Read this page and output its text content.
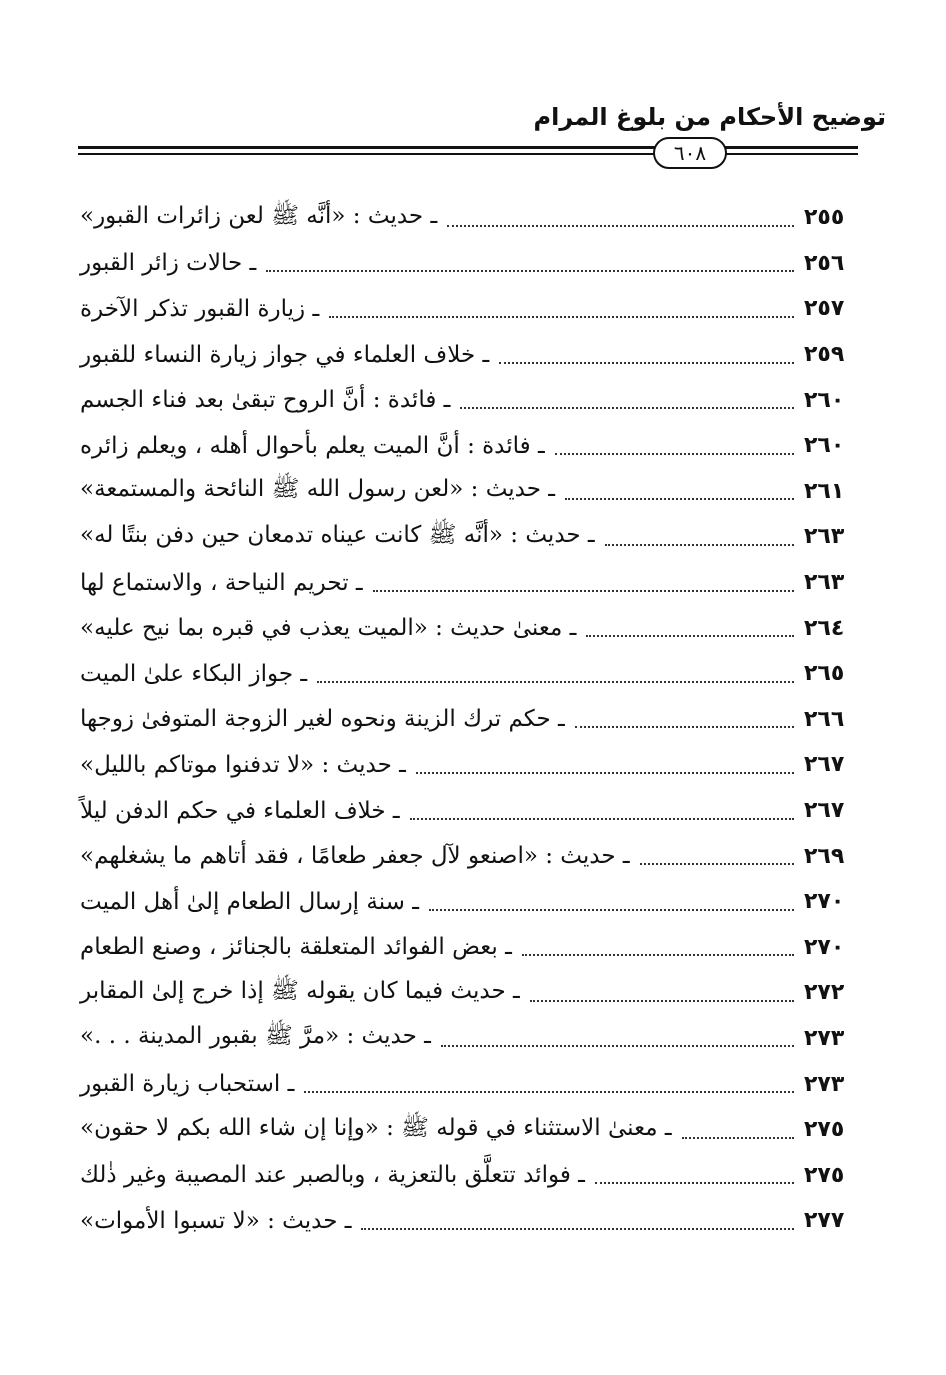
توضيح الأحكام من بلوغ المرام
٦٠٨
ـ حديث : «أنَّه ﷺ لعن زائرات القبور»	٢٥٥
ـ حالات زائر القبور	٢٥٦
ـ زيارة القبور تذكر الآخرة	٢٥٧
ـ خلاف العلماء في جواز زيارة النساء للقبور	٢٥٩
ـ فائدة : أنَّ الروح تبقىٰ بعد فناء الجسم	٢٦٠
ـ فائدة : أنَّ الميت يعلم بأحوال أهله ، ويعلم زائره	٢٦٠
ـ حديث : «لعن رسول الله ﷺ النائحة والمستمعة»	٢٦١
ـ حديث : «أنَّه ﷺ كانت عيناه تدمعان حين دفن بنتًا له»	٢٦٣
ـ تحريم النياحة ، والاستماع لها	٢٦٣
ـ معنىٰ حديث : «الميت يعذب في قبره بما نيح عليه»	٢٦٤
ـ جواز البكاء علىٰ الميت	٢٦٥
ـ حكم ترك الزينة ونحوه لغير الزوجة المتوفىٰ زوجها	٢٦٦
ـ حديث : «لا تدفنوا موتاكم بالليل»	٢٦٧
ـ خلاف العلماء في حكم الدفن ليلاً	٢٦٧
ـ حديث : «اصنعو لآل جعفر طعامًا ، فقد أتاهم ما يشغلهم»	٢٦٩
ـ سنة إرسال الطعام إلىٰ أهل الميت	٢٧٠
ـ بعض الفوائد المتعلقة بالجنائز ، وصنع الطعام	٢٧٠
ـ حديث فيما كان يقوله ﷺ إذا خرج إلىٰ المقابر	٢٧٢
ـ حديث : «مرَّ ﷺ بقبور المدينة . . .»	٢٧٣
ـ استحباب زيارة القبور	٢٧٣
ـ معنىٰ الاستثناء في قوله ﷺ : «وإنا إن شاء الله بكم لا حقون»	٢٧٥
ـ فوائد تتعلَّق بالتعزية ، وبالصبر عند المصيبة وغير ذٰلك	٢٧٥
ـ حديث : «لا تسبوا الأموات»	٢٧٧
